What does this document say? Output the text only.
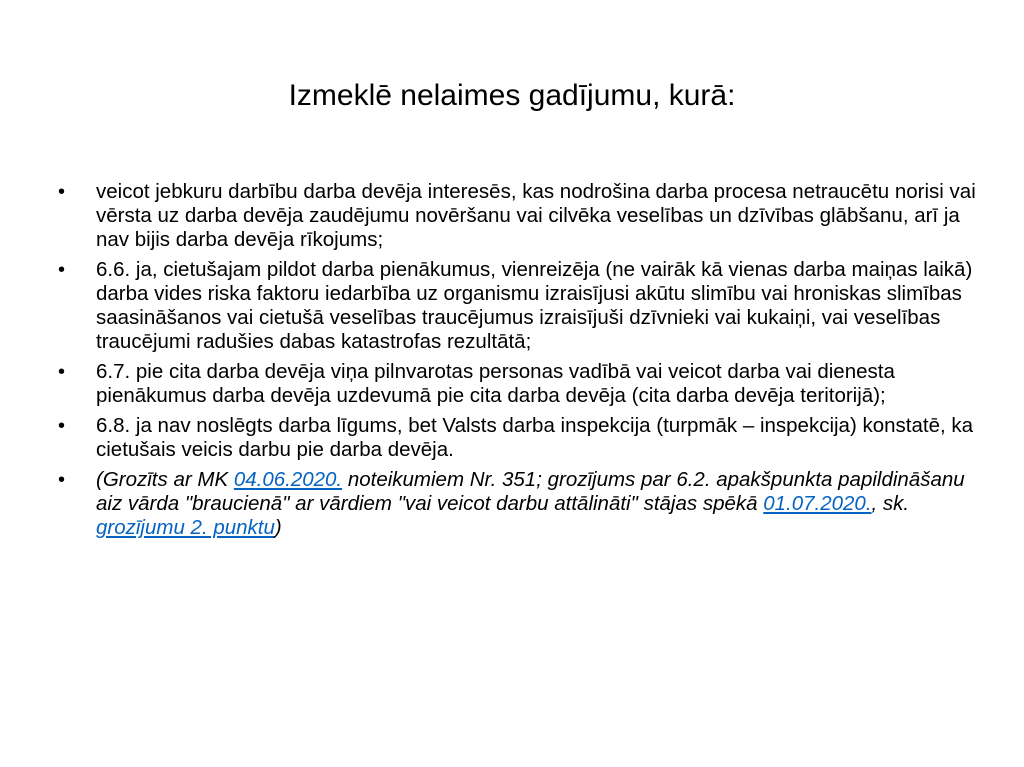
Izmeklē nelaimes gadījumu, kurā:
•	veicot jebkuru darbību darba devēja interesēs, kas nodrošina darba procesa netraucētu norisi vai vērsta uz darba devēja zaudējumu novēršanu vai cilvēka veselības un dzīvības glābšanu, arī ja nav bijis darba devēja rīkojums;
•	6.6. ja, cietušajam pildot darba pienākumus, vienreizēja (ne vairāk kā vienas darba maiņas laikā) darba vides riska faktoru iedarbība uz organismu izraisījusi akūtu slimību vai hroniskas slimības saasināšanos vai cietušā veselības traucējumus izraisījuši dzīvnieki vai kukaiņi, vai veselības traucējumi radušies dabas katastrofas rezultātā;
•	6.7. pie cita darba devēja viņa pilnvarotas personas vadībā vai veicot darba vai dienesta pienākumus darba devēja uzdevumā pie cita darba devēja (cita darba devēja teritorijā);
•	6.8. ja nav noslēgts darba līgums, bet Valsts darba inspekcija (turpmāk – inspekcija) konstatē, ka cietušais veicis darbu pie darba devēja.
•	(Grozīts ar MK 04.06.2020. noteikumiem Nr. 351; grozījums par 6.2. apakšpunkta papildināšanu aiz vārda "braucienā" ar vārdiem "vai veicot darbu attālināti" stājas spēkā 01.07.2020., sk. grozījumu 2. punktu)
